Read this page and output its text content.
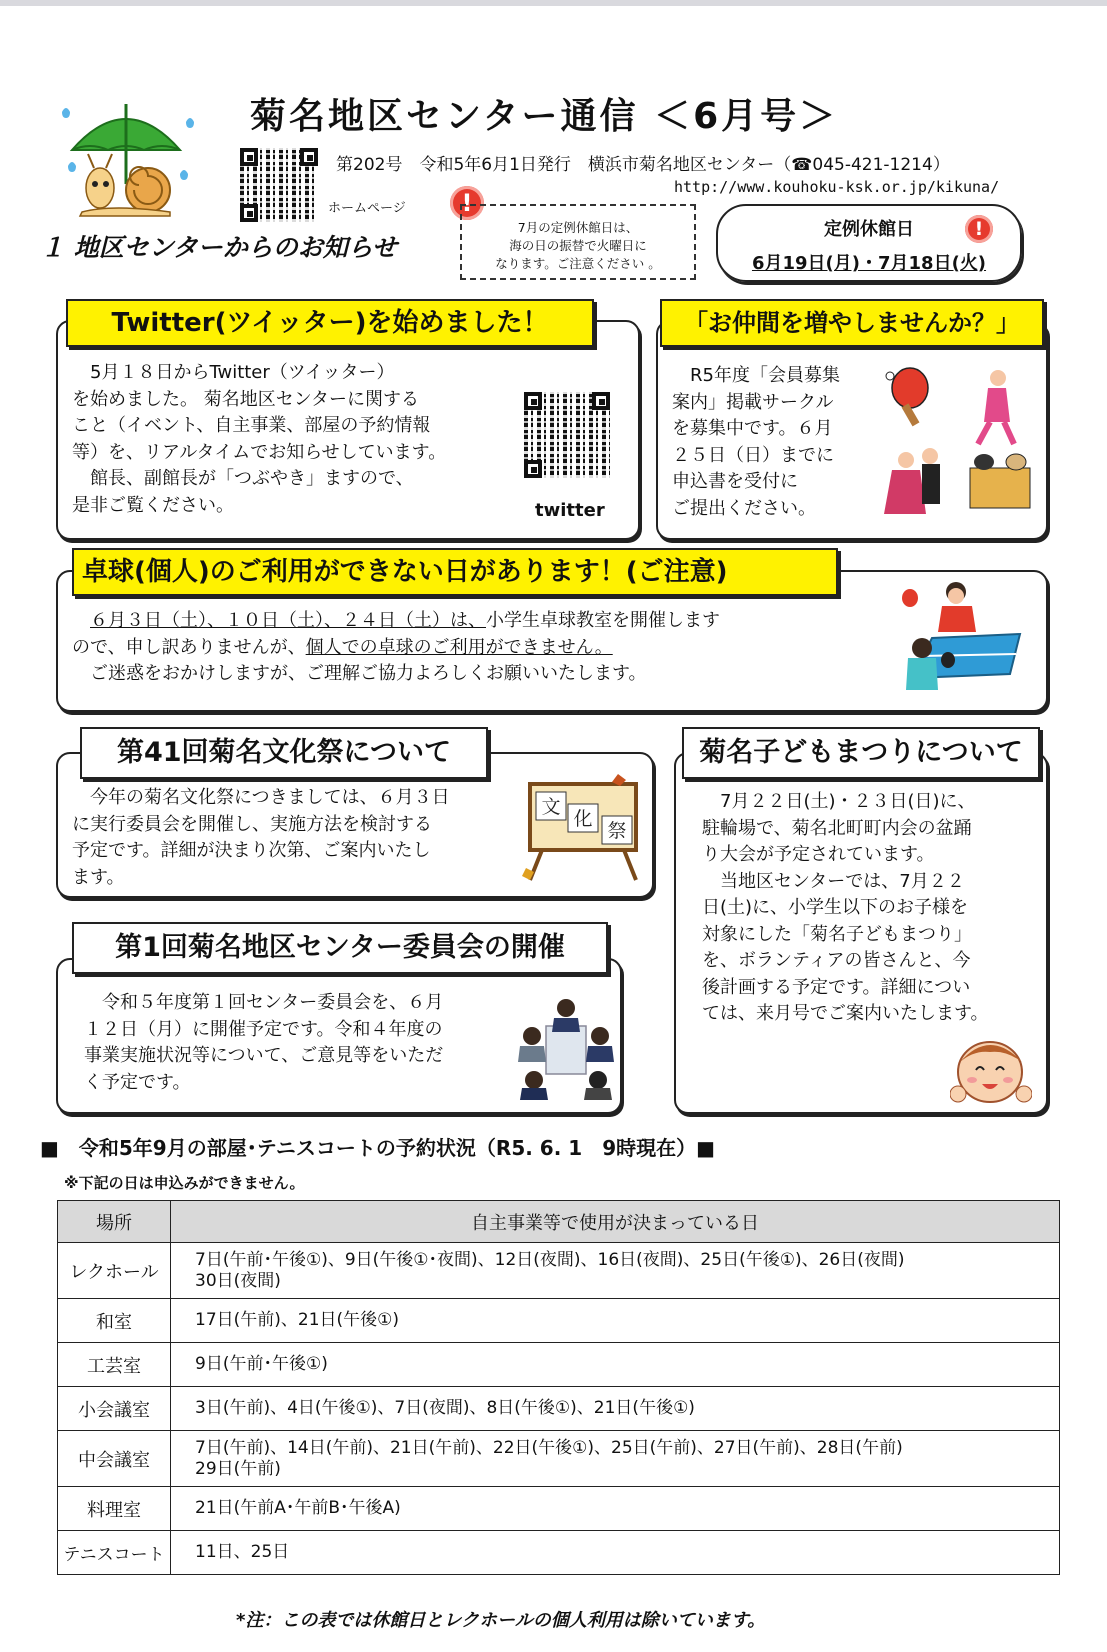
菊名地区センター通信 ＜6月号＞
第202号　令和5年6月1日発行　横浜市菊名地区センター（☎045-421-1214）
http://www.kouhoku-ksk.or.jp/kikuna/
ホームページ
１ 地区センターからのお知らせ
!
7月の定例休館日は、
海の日の振替で火曜日に
なります。ご注意ください 。
定例休館日
6月19日(月)・7月18日(火)
!
Twitter(ツイッター)を始めました！
　5月１８日からTwitter（ツイッター）
を始めました。 菊名地区センターに関する
こと（イベント、自主事業、部屋の予約情報
等）を、リアルタイムでお知らせしています。
　館長、副館長が「つぶやき」ますので、
是非ご覧ください。	twitter
「お仲間を増やしませんか？」
　R5年度「会員募集
案内」掲載サークル
を募集中です。６月
２５日（日）までに
申込書を受付に
ご提出ください。
卓球(個人)のご利用ができない日があります！(ご注意)
　６月３日（土）、１０日（土）、２４日（土）は、小学生卓球教室を開催します
ので、申し訳ありませんが、個人での卓球のご利用ができません。
　ご迷惑をおかけしますが、ご理解ご協力よろしくお願いいたします。
第41回菊名文化祭について
　今年の菊名文化祭につきましては、６月３日
に実行委員会を開催し、実施方法を検討する
予定です。詳細が決まり次第、ご案内いたし
ます。
文
化
祭
第1回菊名地区センター委員会の開催
　令和５年度第１回センター委員会を、６月
１２日（月）に開催予定です。令和４年度の
事業実施状況等について、ご意見等をいただ
く予定です。
菊名子どもまつりについて
　7月２２日(土)・２３日(日)に、
駐輪場で、菊名北町町内会の盆踊
り大会が予定されています。
　当地区センターでは、7月２２
日(土)に、小学生以下のお子様を
対象にした「菊名子どもまつり」
を、ボランティアの皆さんと、今
後計画する予定です。詳細につい
ては、来月号でご案内いたします。
■　令和5年9月の部屋･テニスコートの予約状況（R5. 6. 1　9時現在）■
※下記の日は申込みができません。
場所	自主事業等で使用が決まっている日
レクホール	7日(午前･午後①)、9日(午後①･夜間)、12日(夜間)、16日(夜間)、25日(午後①)、26日(夜間)
30日(夜間)

和室	17日(午前)、21日(午後①)
工芸室	9日(午前･午後①)
小会議室	3日(午前)、4日(午後①)、7日(夜間)、8日(午後①)、21日(午後①)
中会議室	7日(午前)、14日(午前)、21日(午前)、22日(午後①)、25日(午前)、27日(午前)、28日(午前)
29日(午前)

料理室	21日(午前A･午前B･午後A)
テニスコート	11日、25日
*注：この表では休館日とレクホールの個人利用は除いています。
